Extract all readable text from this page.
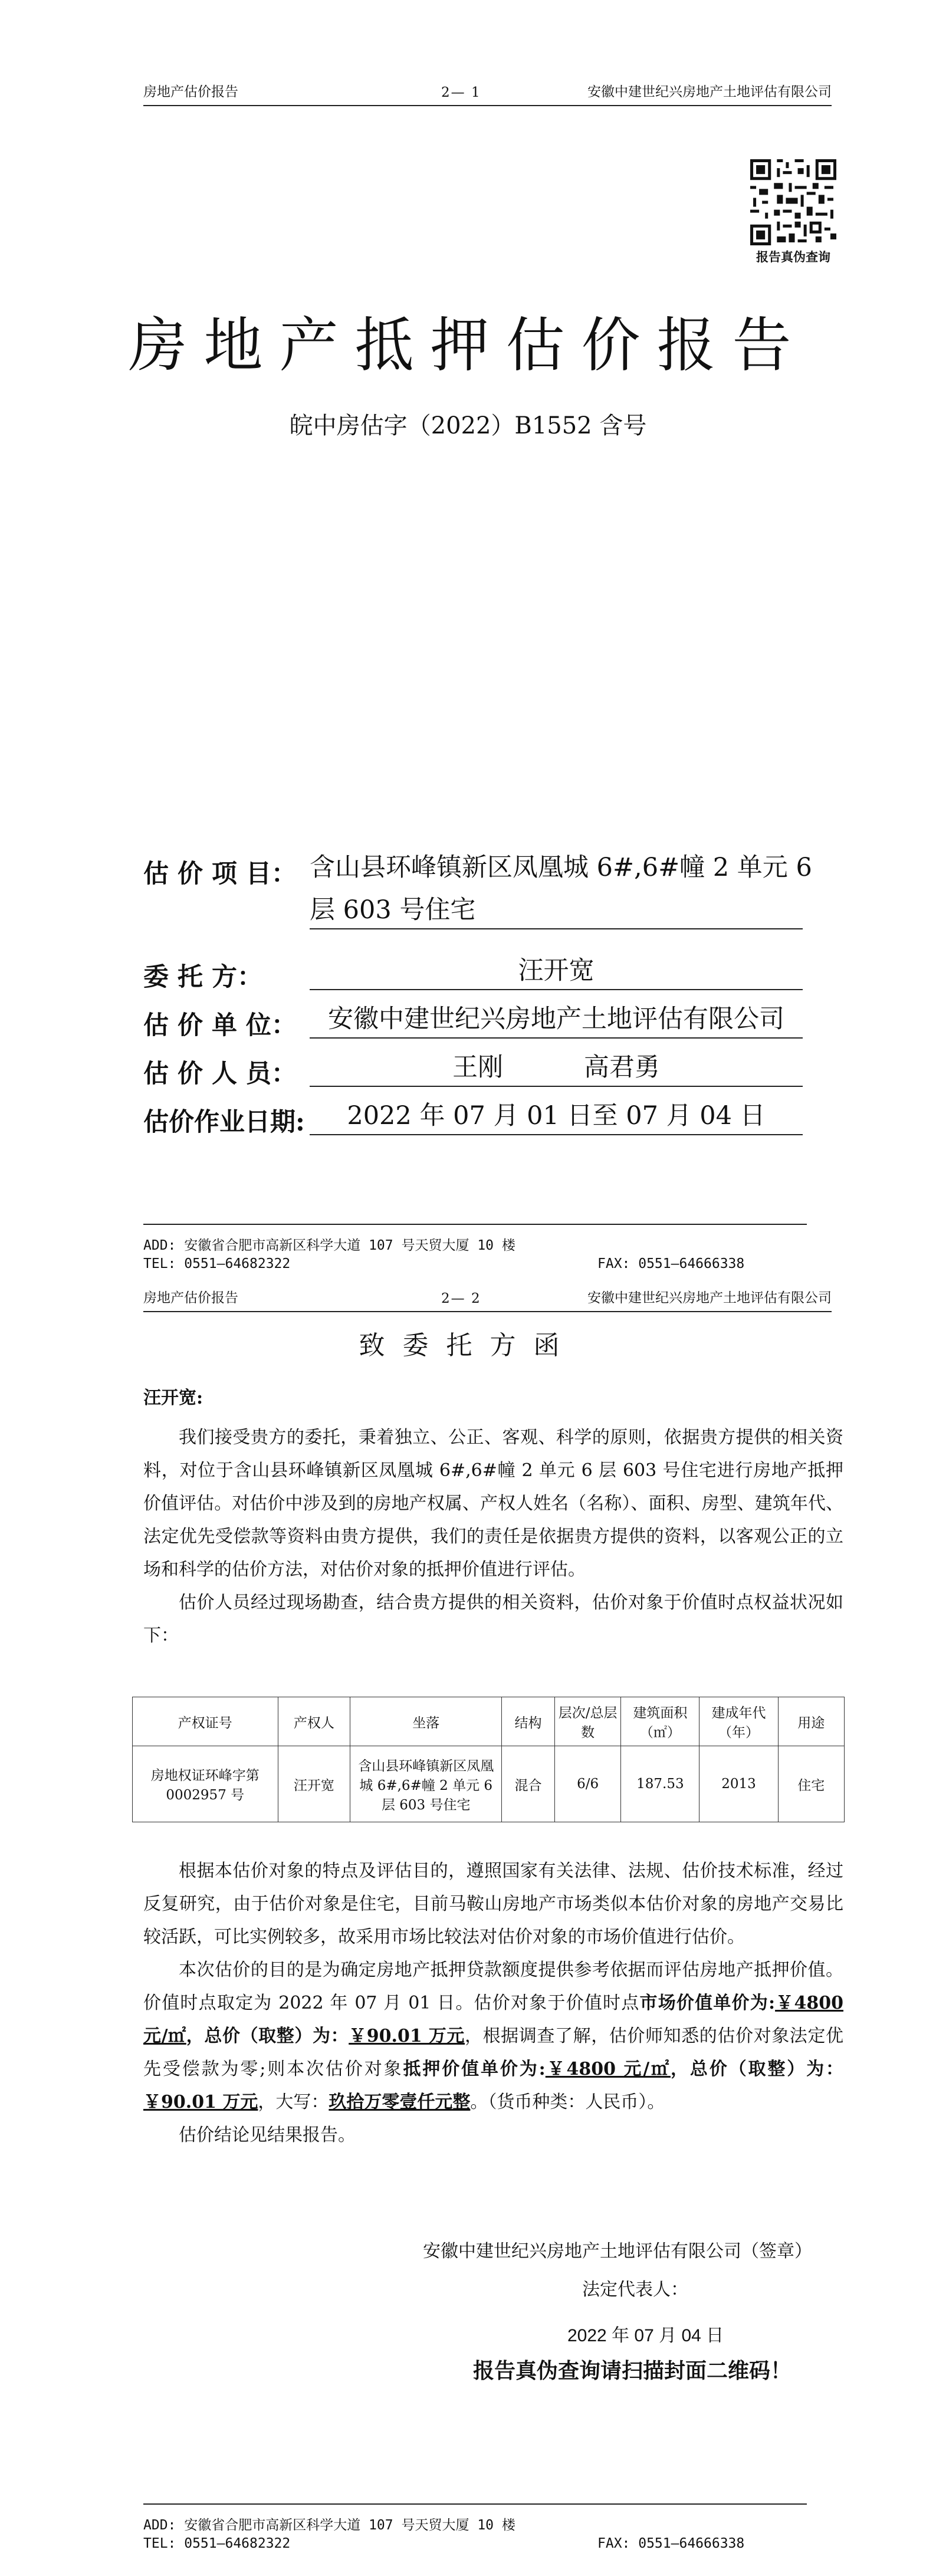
房地产估价报告	2— 1	安徽中建世纪兴房地产土地评估有限公司
报告真伪查询
房地产抵押估价报告
皖中房估字（2022）B1552 含号
估 价 项 目： 含山县环峰镇新区凤凰城 6#,6#幢 2 单元 6
层 603 号住宅
委 托 方：	汪开宽
估 价 单 位：	安徽中建世纪兴房地产土地评估有限公司
估 价 人 员：	王刚          高君勇
估价作业日期:	2022 年 07 月 01 日至 07 月 04 日
ADD: 安徽省合肥市高新区科学大道 107 号天贸大厦 10 楼
TEL: 0551—64682322	FAX: 0551—64666338
房地产估价报告	2— 2	安徽中建世纪兴房地产土地评估有限公司
致委托方函
汪开宽:

我们接受贵方的委托，秉着独立、公正、客观、科学的原则，依据贵方提供的相关资料，对位于含山县环峰镇新区凤凰城 6#,6#幢 2 单元 6 层 603 号住宅进行房地产抵押价值评估。对估价中涉及到的房地产权属、产权人姓名（名称）、面积、房型、建筑年代、法定优先受偿款等资料由贵方提供，我们的责任是依据贵方提供的资料，以客观公正的立场和科学的估价方法，对估价对象的抵押价值进行评估。

估价人员经过现场勘查，结合贵方提供的相关资料，估价对象于价值时点权益状况如下：

产权证号	产权人	坐落	结构	层次/总层数	建筑面积（㎡）	建成年代（年）	用途
房地权证环峰字第 0002957 号	汪开宽	含山县环峰镇新区凤凰城 6#,6#幢 2 单元 6 层 603 号住宅	混合	6/6	187.53	2013	住宅

根据本估价对象的特点及评估目的，遵照国家有关法律、法规、估价技术标准，经过反复研究，由于估价对象是住宅，目前马鞍山房地产市场类似本估价对象的房地产交易比较活跃，可比实例较多，故采用市场比较法对估价对象的市场价值进行估价。

本次估价的目的是为确定房地产抵押贷款额度提供参考依据而评估房地产抵押价值。价值时点取定为 2022 年 07 月 01 日。估价对象于价值时点市场价值单价为:￥4800 元/㎡，总价（取整）为：￥90.01 万元，根据调查了解，估价师知悉的估价对象法定优先受偿款为零;则本次估价对象抵押价值单价为:￥4800 元/㎡，总价（取整）为：￥90.01 万元，大写：玖拾万零壹仟元整。（货币种类：人民币）。

估价结论见结果报告。

安徽中建世纪兴房地产土地评估有限公司（签章）
法定代表人：
2022 年 07 月 04 日
报告真伪查询请扫描封面二维码！
ADD: 安徽省合肥市高新区科学大道 107 号天贸大厦 10 楼
TEL: 0551—64682322	FAX: 0551—64666338
